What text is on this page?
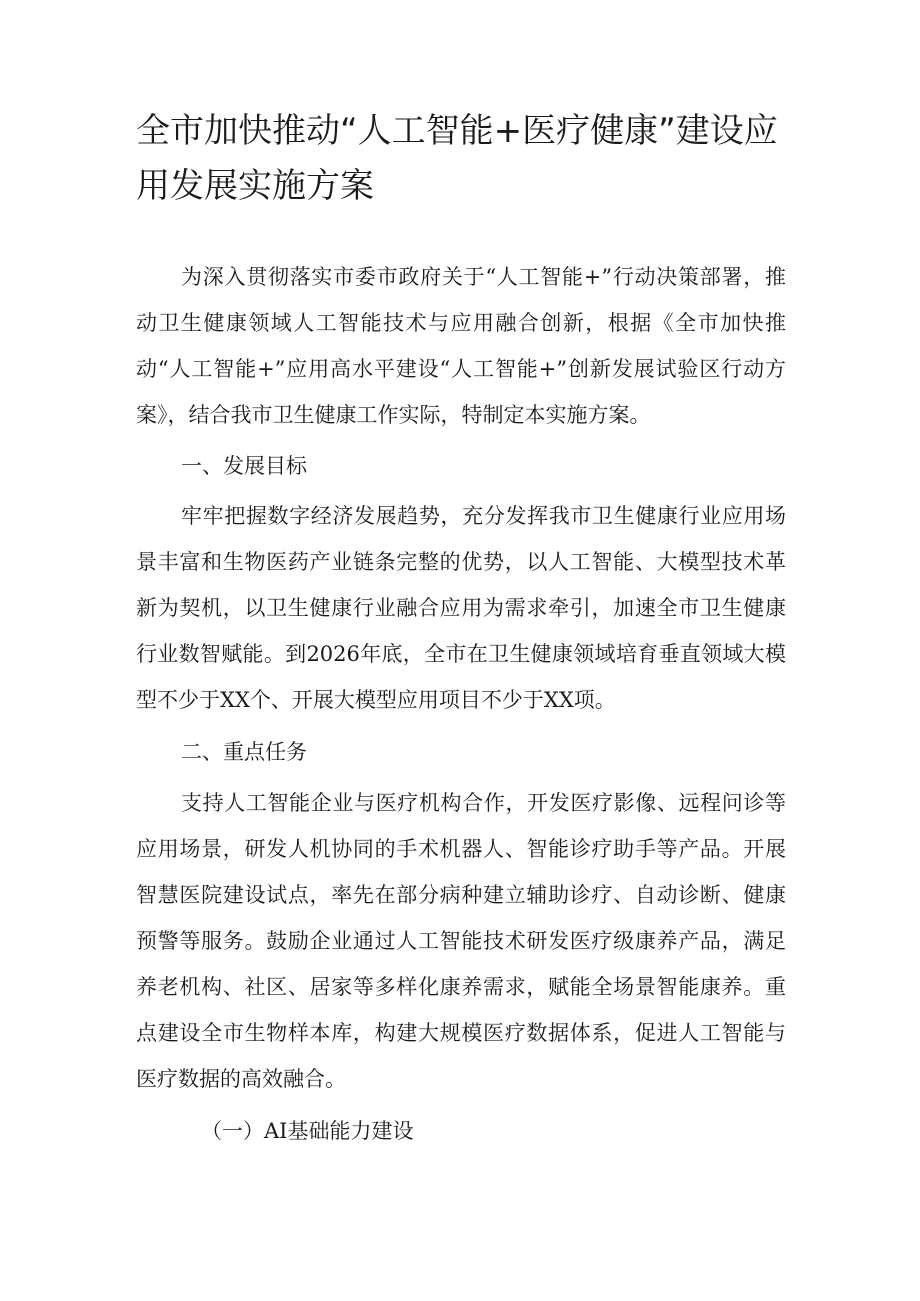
全市加快推动“人工智能+医疗健康”建设应用发展实施方案

为深入贯彻落实市委市政府关于“人工智能+”行动决策部署，推动卫生健康领域人工智能技术与应用融合创新，根据《全市加快推动“人工智能+”应用高水平建设“人工智能+”创新发展试验区行动方案》，结合我市卫生健康工作实际，特制定本实施方案。

一、发展目标

牢牢把握数字经济发展趋势，充分发挥我市卫生健康行业应用场景丰富和生物医药产业链条完整的优势，以人工智能、大模型技术革新为契机，以卫生健康行业融合应用为需求牵引，加速全市卫生健康行业数智赋能。到2026年底，全市在卫生健康领域培育垂直领域大模型不少于XX个、开展大模型应用项目不少于XX项。

二、重点任务

支持人工智能企业与医疗机构合作，开发医疗影像、远程问诊等应用场景，研发人机协同的手术机器人、智能诊疗助手等产品。开展智慧医院建设试点，率先在部分病种建立辅助诊疗、自动诊断、健康预警等服务。鼓励企业通过人工智能技术研发医疗级康养产品，满足养老机构、社区、居家等多样化康养需求，赋能全场景智能康养。重点建设全市生物样本库，构建大规模医疗数据体系，促进人工智能与医疗数据的高效融合。

（一）AI基础能力建设
